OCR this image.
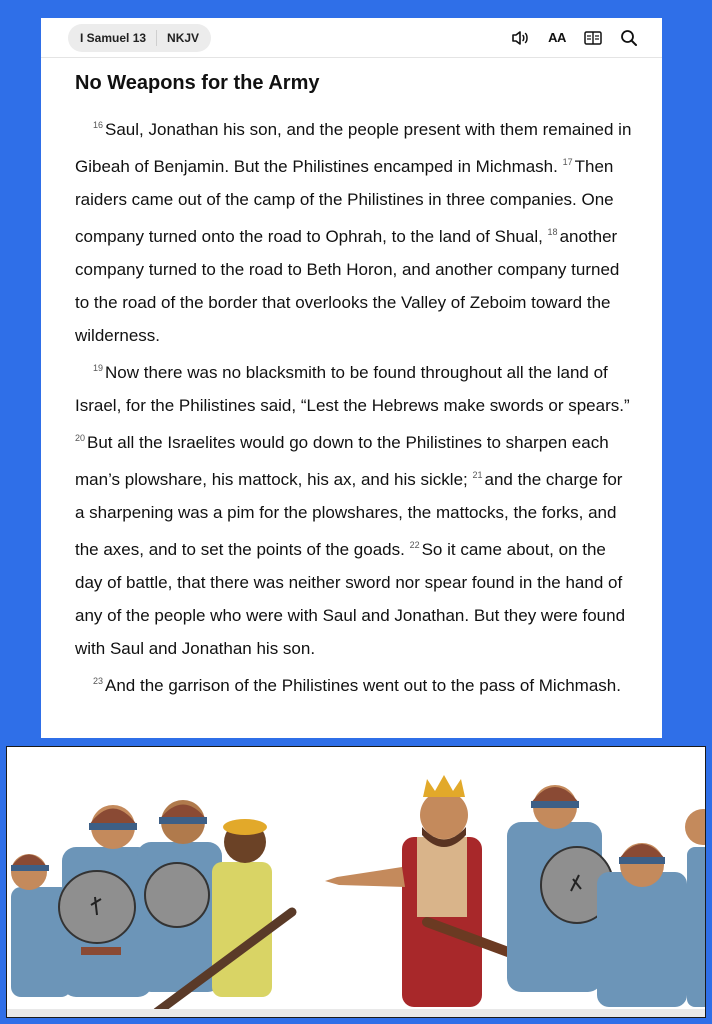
I Samuel 13 NKJV	AA
No Weapons for the Army

$^{16}$ Saul, Jonathan his son, and the people present with them remained in Gibeah of Benjamin. But the Philistines encamped in Michmash. $^{17}$ Then raiders came out of the camp of the Philistines in three companies. One company turned onto the road to Ophrah, to the land of Shual, $^{18}$ another company turned to the road to Beth Horon, and another company turned to the road of the border that overlooks the Valley of Zeboim toward the wilderness.

$^{19}$ Now there was no blacksmith to be found throughout all the land of Israel, for the Philistines said, “Lest the Hebrews make swords or spears.” $^{20}$ But all the Israelites would go down to the Philistines to sharpen each man’s plowshare, his mattock, his ax, and his sickle; $^{21}$ and the charge for a sharpening was a pim for the plowshares, the mattocks, the forks, and the axes, and to set the points of the goads. $^{22}$ So it came about, on the day of battle, that there was neither sword nor spear found in the hand of any of the people who were with Saul and Jonathan. But they were found with Saul and Jonathan his son.

$^{23}$ And the garrison of the Philistines went out to the pass of Michmash.
